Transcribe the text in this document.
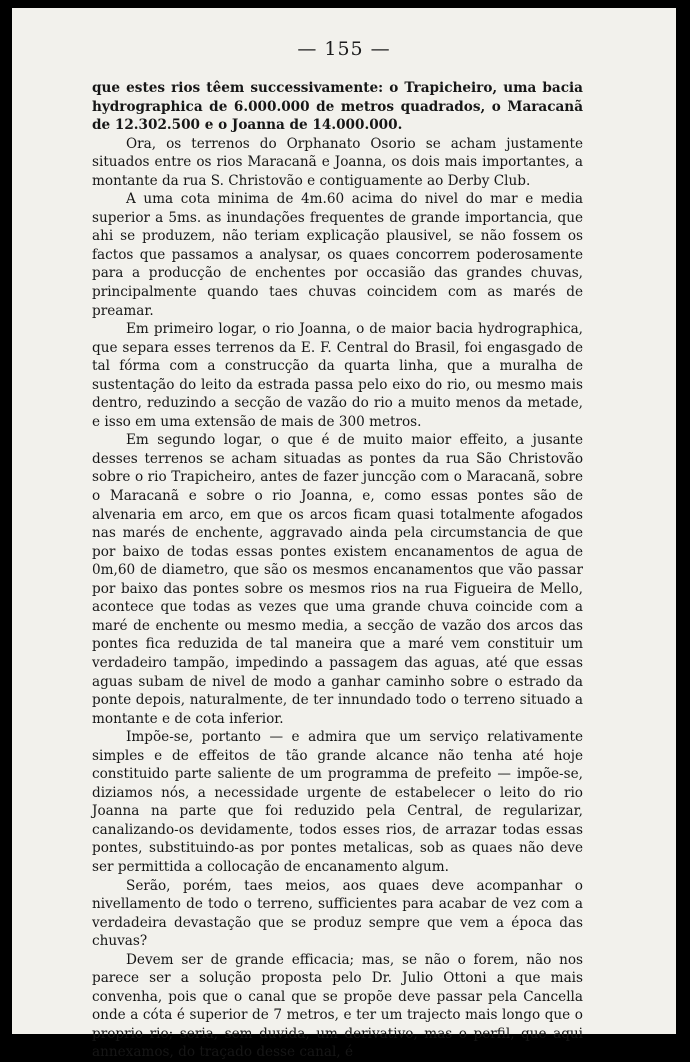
— 155 —

que estes rios têem successivamente: o Trapicheiro, uma bacia hydrographica de 6.000.000 de metros quadrados, o Maracanã de 12.302.500 e o Joanna de 14.000.000.

Ora, os terrenos do Orphanato Osorio se acham justamente situados entre os rios Maracanã e Joanna, os dois mais importantes, a montante da rua S. Christovão e contiguamente ao Derby Club.

A uma cota minima de 4m.60 acima do nivel do mar e media superior a 5ms. as inundações frequentes de grande importancia, que ahi se produzem, não teriam explicação plausivel, se não fossem os factos que passamos a analysar, os quaes concorrem poderosamente para a producção de enchentes por occasião das grandes chuvas, principalmente quando taes chuvas coincidem com as marés de preamar.

Em primeiro logar, o rio Joanna, o de maior bacia hydrographica, que separa esses terrenos da E. F. Central do Brasil, foi engasgado de tal fórma com a construcção da quarta linha, que a muralha de sustentação do leito da estrada passa pelo eixo do rio, ou mesmo mais dentro, reduzindo a secção de vazão do rio a muito menos da metade, e isso em uma extensão de mais de 300 metros.

Em segundo logar, o que é de muito maior effeito, a jusante desses terrenos se acham situadas as pontes da rua São Christovão sobre o rio Trapicheiro, antes de fazer juncção com o Maracanã, sobre o Maracanã e sobre o rio Joanna, e, como essas pontes são de alvenaria em arco, em que os arcos ficam quasi totalmente afogados nas marés de enchente, aggravado ainda pela circumstancia de que por baixo de todas essas pontes existem encanamentos de agua de 0m,60 de diametro, que são os mesmos encanamentos que vão passar por baixo das pontes sobre os mesmos rios na rua Figueira de Mello, acontece que todas as vezes que uma grande chuva coincide com a maré de enchente ou mesmo media, a secção de vazão dos arcos das pontes fica reduzida de tal maneira que a maré vem constituir um verdadeiro tampão, impedindo a passagem das aguas, até que essas aguas subam de nivel de modo a ganhar caminho sobre o estrado da ponte depois, naturalmente, de ter innundado todo o terreno situado a montante e de cota inferior.

Impõe-se, portanto — e admira que um serviço relativamente simples e de effeitos de tão grande alcance não tenha até hoje constituido parte saliente de um programma de prefeito — impõe-se, diziamos nós, a necessidade urgente de estabelecer o leito do rio Joanna na parte que foi reduzido pela Central, de regularizar, canalizando-os devidamente, todos esses rios, de arrazar todas essas pontes, substituindo-as por pontes metalicas, sob as quaes não deve ser permittida a collocação de encanamento algum.

Serão, porém, taes meios, aos quaes deve acompanhar o nivellamento de todo o terreno, sufficientes para acabar de vez com a verdadeira devastação que se produz sempre que vem a época das chuvas?

Devem ser de grande efficacia; mas, se não o forem, não nos parece ser a solução proposta pelo Dr. Julio Ottoni a que mais convenha, pois que o canal que se propõe deve passar pela Cancella onde a cóta é superior de 7 metros, e ter um trajecto mais longo que o proprio rio; seria, sem duvida, um derivativo, mas o perfil, que aqui annexamos, do traçado desse canal, é
